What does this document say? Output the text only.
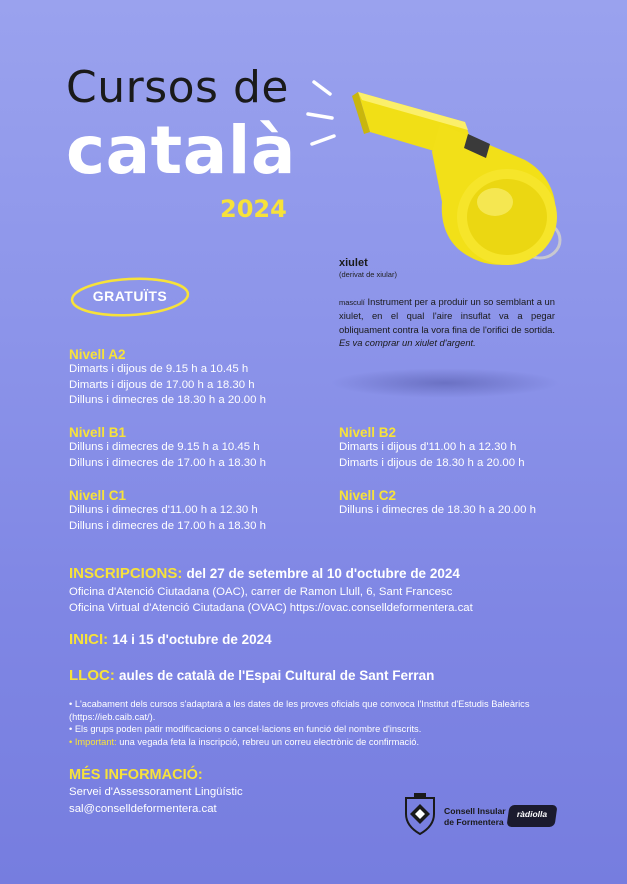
Cursos de
català
2024
xiulet
(derivat de xiular)
masculí Instrument per a produir un so semblant a un xiulet, en el qual l'aire insuflat va a pegar obliquament contra la vora fina de l'orifici de sortida. Es va comprar un xiulet d'argent.
GRATUÏTS
Nivell A2
Dimarts i dijous de 9.15 h a 10.45 h
Dimarts i dijous de 17.00 h a 18.30 h
Dilluns i dimecres de 18.30 h a 20.00 h
Nivell B1
Dilluns i dimecres de 9.15 h a 10.45 h
Dilluns i dimecres de 17.00 h a 18.30 h
Nivell B2
Dimarts i dijous d'11.00 h a 12.30 h
Dimarts i dijous de 18.30 h a 20.00 h
Nivell C1
Dilluns i dimecres d'11.00 h a 12.30 h
Dilluns i dimecres de 17.00 h a 18.30 h
Nivell C2
Dilluns i dimecres de 18.30 h a 20.00 h
INSCRIPCIONS: del 27 de setembre al 10 d'octubre de 2024
Oficina d'Atenció Ciutadana (OAC), carrer de Ramon Llull, 6, Sant Francesc
Oficina Virtual d'Atenció Ciutadana (OVAC) https://ovac.conselldeformentera.cat
INICI: 14 i 15 d'octubre de 2024
LLOC: aules de català de l'Espai Cultural de Sant Ferran
• L'acabament dels cursos s'adaptarà a les dates de les proves oficials que convoca l'Institut d'Estudis Baleàrics (https://ieb.caib.cat/).
• Els grups poden patir modificacions o cancel·lacions en funció del nombre d'inscrits.
• Important: una vegada feta la inscripció, rebreu un correu electrònic de confirmació.
MÉS INFORMACIÓ:
Servei d'Assessorament Lingüístic
sal@conselldeformentera.cat	Consell Insular
de Formentera
ràdiolla
